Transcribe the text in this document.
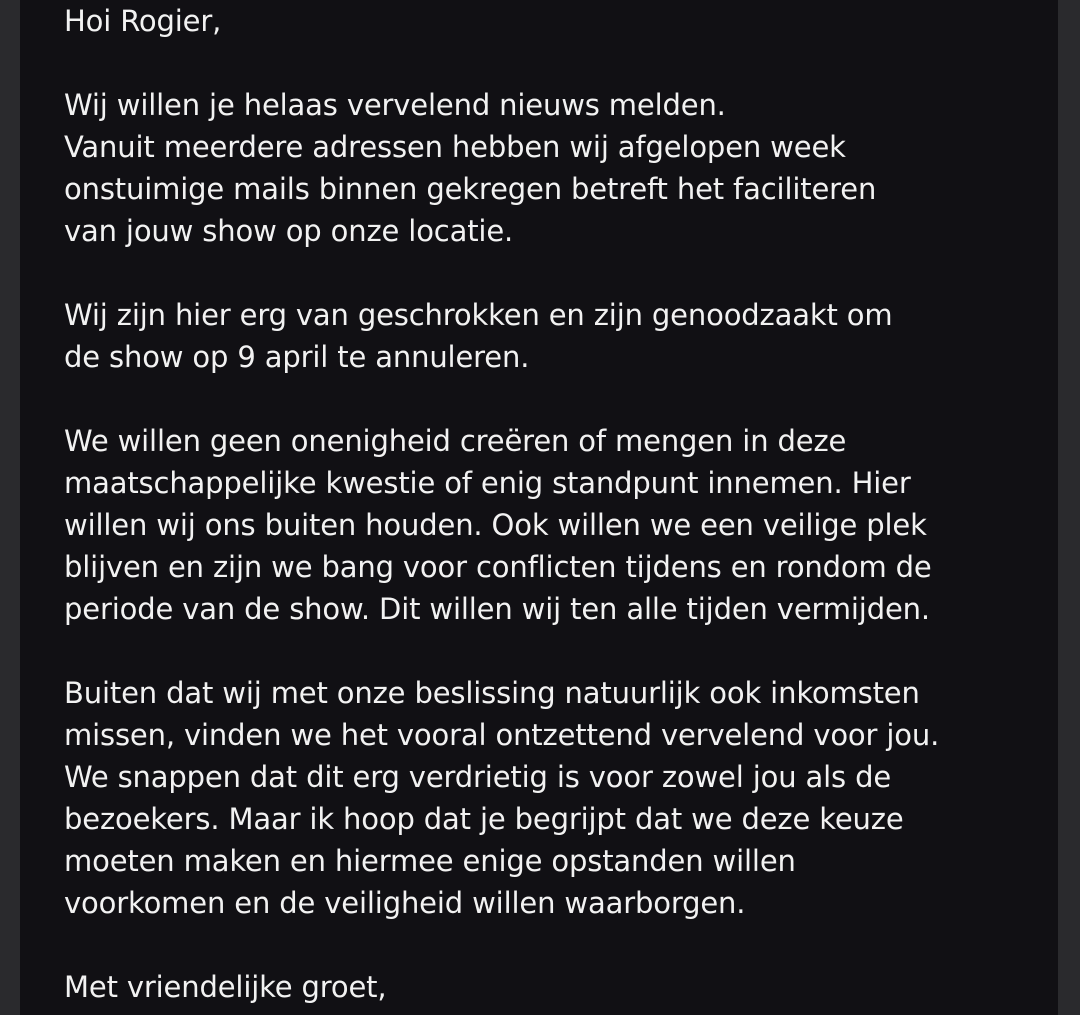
Hoi Rogier,
Wij willen je helaas vervelend nieuws melden.
Vanuit meerdere adressen hebben wij afgelopen week
onstuimige mails binnen gekregen betreft het faciliteren
van jouw show op onze locatie.
Wij zijn hier erg van geschrokken en zijn genoodzaakt om
de show op 9 april te annuleren.
We willen geen onenigheid creëren of mengen in deze
maatschappelijke kwestie of enig standpunt innemen. Hier
willen wij ons buiten houden. Ook willen we een veilige plek
blijven en zijn we bang voor conflicten tijdens en rondom de
periode van de show. Dit willen wij ten alle tijden vermijden.
Buiten dat wij met onze beslissing natuurlijk ook inkomsten
missen, vinden we het vooral ontzettend vervelend voor jou.
We snappen dat dit erg verdrietig is voor zowel jou als de
bezoekers. Maar ik hoop dat je begrijpt dat we deze keuze
moeten maken en hiermee enige opstanden willen
voorkomen en de veiligheid willen waarborgen.
Met vriendelijke groet,
